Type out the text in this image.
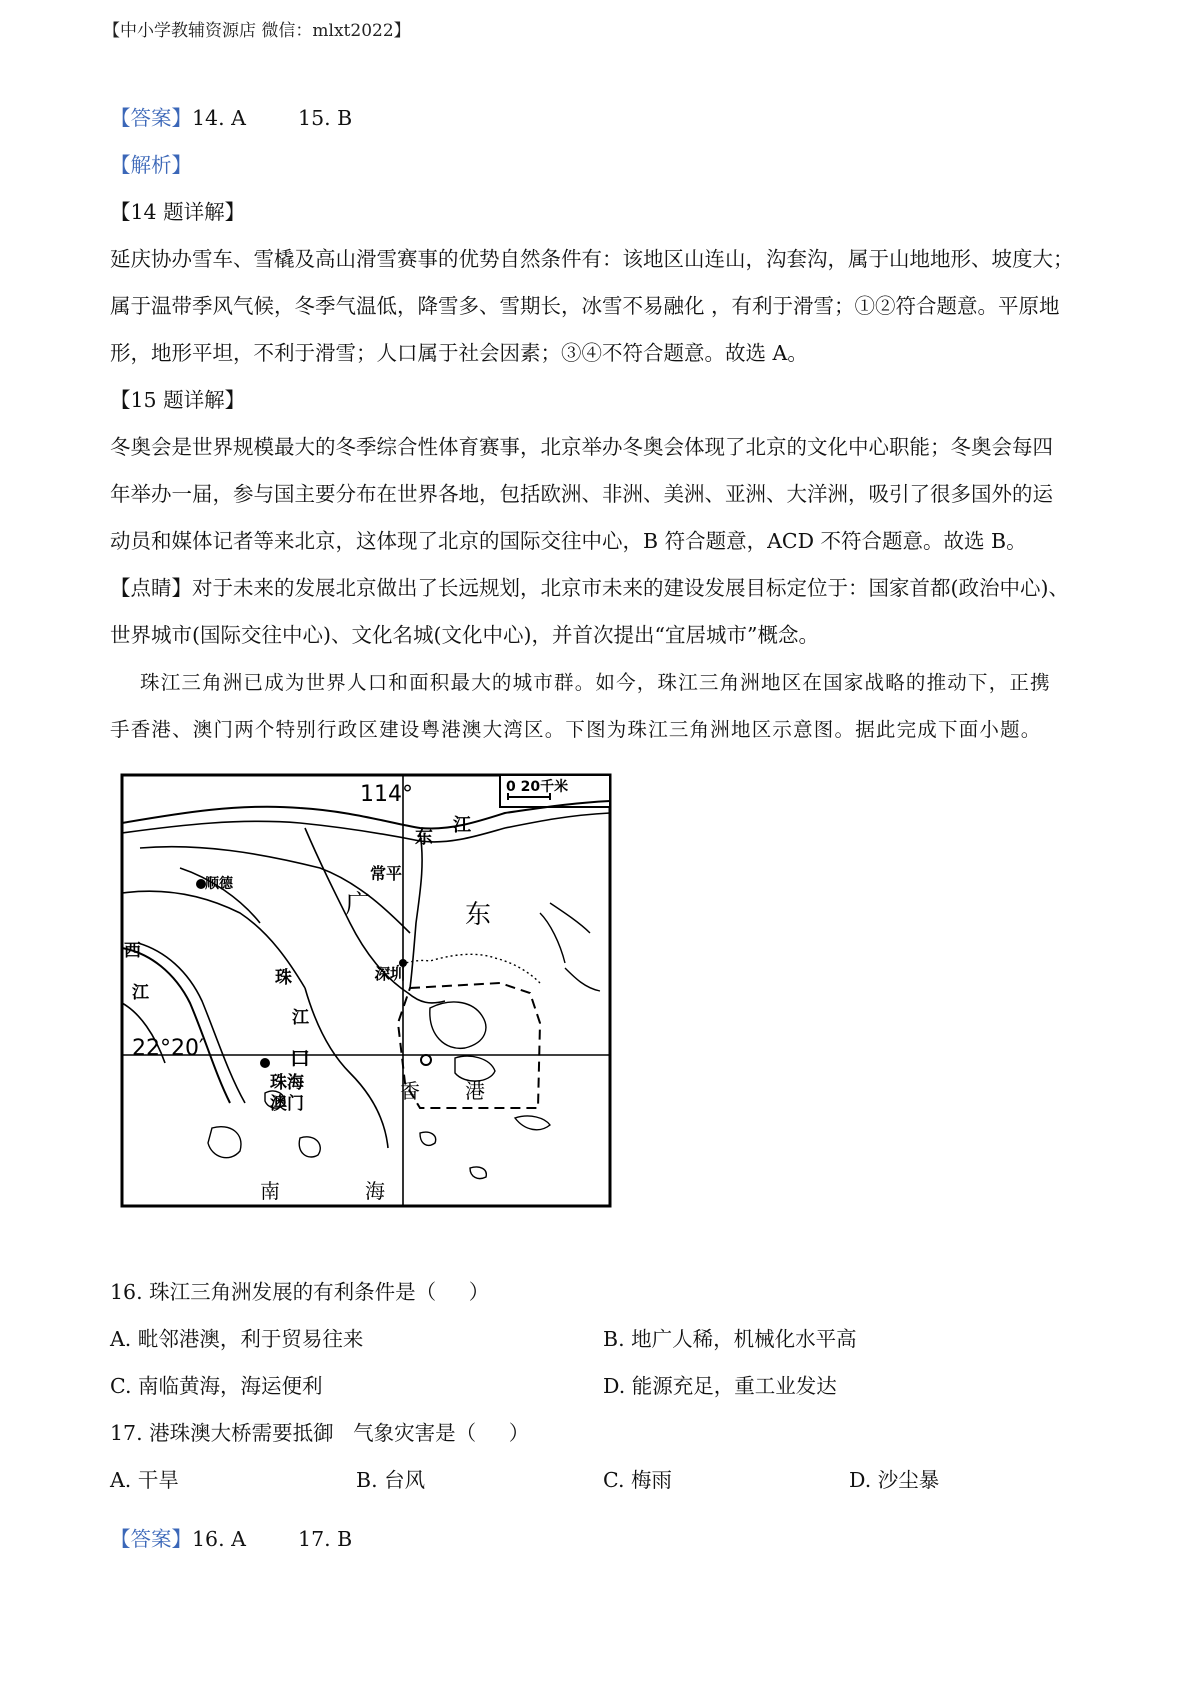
【中小学教辅资源店 微信：mlxt2022】
【答案】14. A        15. B
【解析】
【14 题详解】
延庆协办雪车、雪橇及高山滑雪赛事的优势自然条件有：该地区山连山，沟套沟，属于山地地形、坡度大；
属于温带季风气候，冬季气温低，降雪多、雪期长，冰雪不易融化 ，有利于滑雪；①②符合题意。平原地
形，地形平坦，不利于滑雪；人口属于社会因素；③④不符合题意。故选 A。
【15 题详解】
冬奥会是世界规模最大的冬季综合性体育赛事，北京举办冬奥会体现了北京的文化中心职能；冬奥会每四
年举办一届，参与国主要分布在世界各地，包括欧洲、非洲、美洲、亚洲、大洋洲，吸引了很多国外的运
动员和媒体记者等来北京，这体现了北京的国际交往中心，B 符合题意，ACD 不符合题意。故选 B。
【点睛】对于未来的发展北京做出了长远规划，北京市未来的建设发展目标定位于：国家首都(政治中心)、
世界城市(国际交往中心)、文化名城(文化中心)，并首次提出“宜居城市”概念。
珠江三角洲已成为世界人口和面积最大的城市群。如今，珠江三角洲地区在国家战略的推动下，正携
手香港、澳门两个特别行政区建设粤港澳大湾区。下图为珠江三角洲地区示意图。据此完成下面小题。
114°	0 20千米
东
江
常平
顺德
广	东
西
江
珠
江
口
22°20′
深圳
珠海
澳门
香 港
南	海
16. 珠江三角洲发展的有利条件是（     ）
A. 毗邻港澳，利于贸易往来	B. 地广人稀，机械化水平高
C. 南临黄海，海运便利	D. 能源充足，重工业发达
17. 港珠澳大桥需要抵御   气象灾害是（     ）
A. 干旱	B. 台风	C. 梅雨	D. 沙尘暴
【答案】16. A        17. B
